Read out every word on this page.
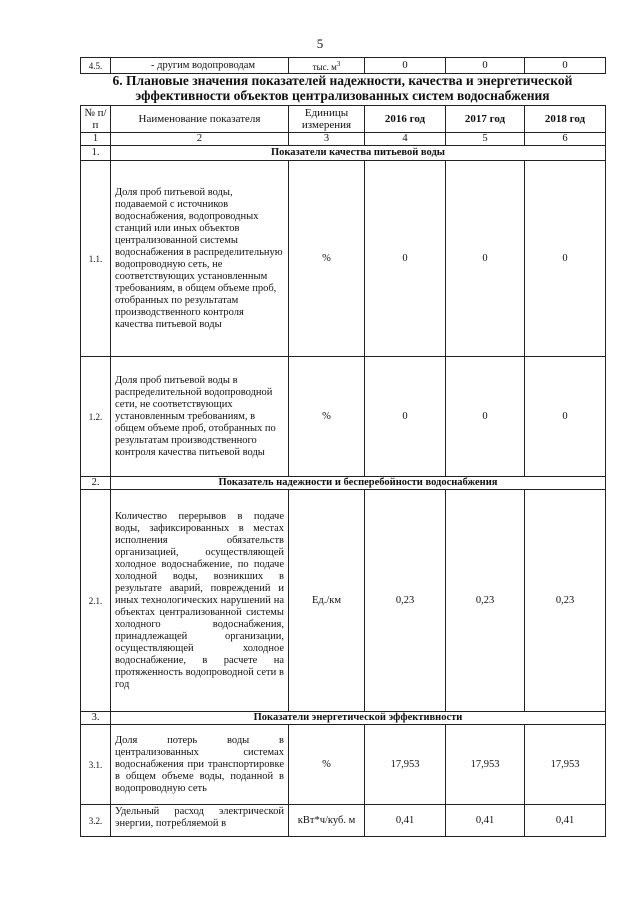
5
4.5.	- другим водопроводам	тыс. $м^3$	0	0	0
6. Плановые значения показателей надежности, качества и энергетической
эффективности объектов централизованных систем водоснабжения
№ п/п	Наименование показателя	Единицы измерения	2016 год	2017 год	2018 год
1	2	3	4	5	6
1.	Показатели качества питьевой воды				
1.1.	Доля проб питьевой воды, подаваемой с источников водоснабжения, водопроводных станций или иных объектов централизованной системы водоснабжения в распределительную водопроводную сеть, не соответствующих установленным требованиям, в общем объеме проб, отобранных по результатам производственного контроля качества питьевой воды	%	0	0	0
1.2.	Доля проб питьевой воды в распределительной водопроводной сети, не соответствующих установленным требованиям, в общем объеме проб, отобранных по результатам производственного контроля качества питьевой воды	%	0	0	0
2.	Показатель надежности и бесперебойности водоснабжения				
2.1.	Количество перерывов в подаче воды, зафиксированных в местах исполнения обязательств организацией, осуществляющей холодное водоснабжение, по подаче холодной воды, возникших в результате аварий, повреждений и иных технологических нарушений на объектах централизованной системы холодного водоснабжения, принадлежащей организации, осуществляющей холодное водоснабжение, в расчете на протяженность водопроводной сети в год	Ед./км	0,23	0,23	0,23
3.	Показатели энергетической эффективности				
3.1.	Доля потерь воды в централизованных системах водоснабжения при транспортировке в общем объеме воды, поданной в водопроводную сеть	%	17,953	17,953	17,953
3.2.	Удельный расход электрической энергии, потребляемой в	кВт*ч/куб. м	0,41	0,41	0,41
